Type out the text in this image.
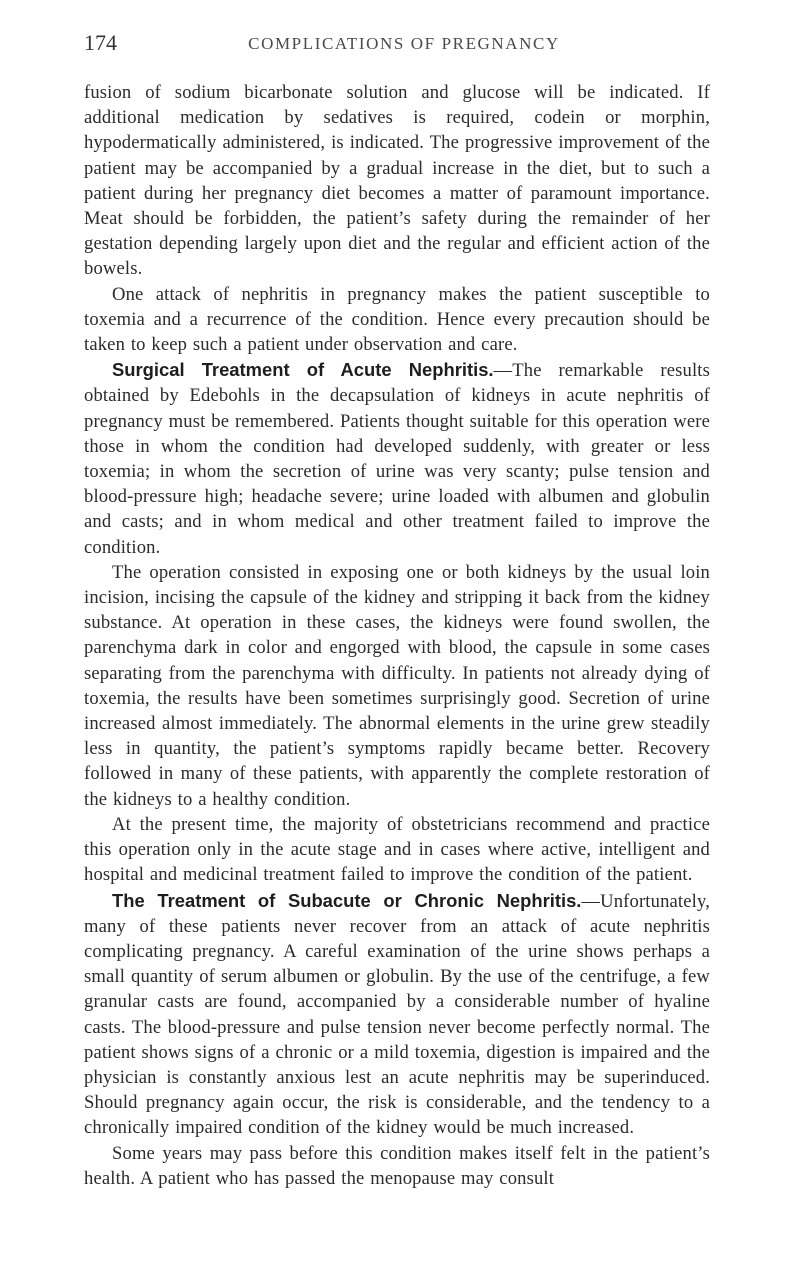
174	COMPLICATIONS OF PREGNANCY

fusion of sodium bicarbonate solution and glucose will be indicated. If additional medication by sedatives is required, codein or morphin, hypodermatically administered, is indicated. The progressive improvement of the patient may be accompanied by a gradual increase in the diet, but to such a patient during her pregnancy diet becomes a matter of paramount importance. Meat should be forbidden, the patient’s safety during the remainder of her gestation depending largely upon diet and the regular and efficient action of the bowels.

One attack of nephritis in pregnancy makes the patient susceptible to toxemia and a recurrence of the condition. Hence every precaution should be taken to keep such a patient under observation and care.

Surgical Treatment of Acute Nephritis.—The remarkable results obtained by Edebohls in the decapsulation of kidneys in acute nephritis of pregnancy must be remembered. Patients thought suitable for this operation were those in whom the condition had developed suddenly, with greater or less toxemia; in whom the secretion of urine was very scanty; pulse tension and blood-pressure high; headache severe; urine loaded with albumen and globulin and casts; and in whom medical and other treatment failed to improve the condition.

The operation consisted in exposing one or both kidneys by the usual loin incision, incising the capsule of the kidney and stripping it back from the kidney substance. At operation in these cases, the kidneys were found swollen, the parenchyma dark in color and engorged with blood, the capsule in some cases separating from the parenchyma with difficulty. In patients not already dying of toxemia, the results have been sometimes surprisingly good. Secretion of urine increased almost immediately. The abnormal elements in the urine grew steadily less in quantity, the patient’s symptoms rapidly became better. Recovery followed in many of these patients, with apparently the complete restoration of the kidneys to a healthy condition.

At the present time, the majority of obstetricians recommend and practice this operation only in the acute stage and in cases where active, intelligent and hospital and medicinal treatment failed to improve the condition of the patient.

The Treatment of Subacute or Chronic Nephritis.—Unfortunately, many of these patients never recover from an attack of acute nephritis complicating pregnancy. A careful examination of the urine shows perhaps a small quantity of serum albumen or globulin. By the use of the centrifuge, a few granular casts are found, accompanied by a considerable number of hyaline casts. The blood-pressure and pulse tension never become perfectly normal. The patient shows signs of a chronic or a mild toxemia, digestion is impaired and the physician is constantly anxious lest an acute nephritis may be superinduced. Should pregnancy again occur, the risk is considerable, and the tendency to a chronically impaired condition of the kidney would be much increased.

Some years may pass before this condition makes itself felt in the patient’s health. A patient who has passed the menopause may consult
